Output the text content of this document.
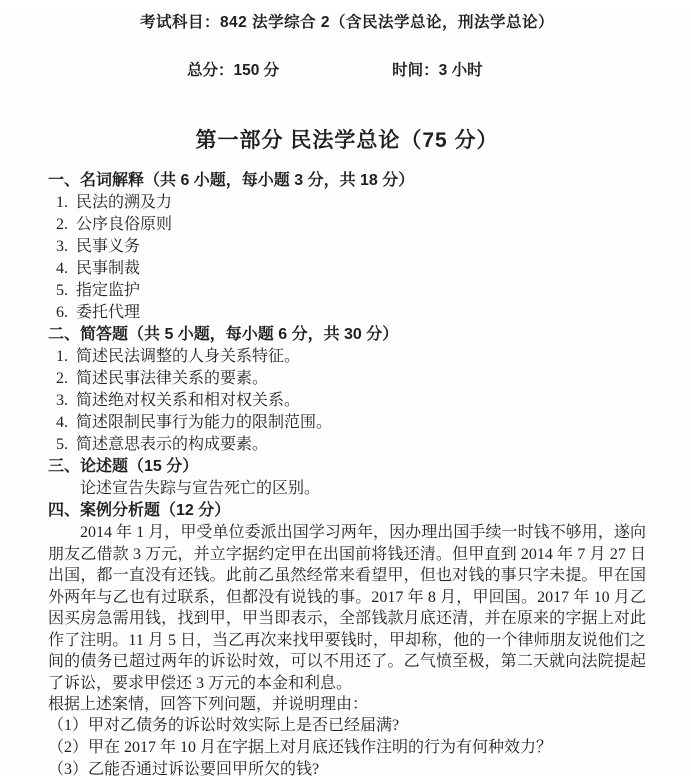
考试科目：842 法学综合 2（含民法学总论，刑法学总论）
总分：150 分	时间：3 小时
第一部分 民法学总论（75 分）
一、名词解释（共 6 小题，每小题 3 分，共 18 分）
1.  民法的溯及力
2.  公序良俗原则
3.  民事义务
4.  民事制裁
5.  指定监护
6.  委托代理
二、简答题（共 5 小题，每小题 6 分，共 30 分）
1.  简述民法调整的人身关系特征。
2.  简述民事法律关系的要素。
3.  简述绝对权关系和相对权关系。
4.  简述限制民事行为能力的限制范围。
5.  简述意思表示的构成要素。
三、论述题（15 分）
论述宣告失踪与宣告死亡的区别。
四、案例分析题（12 分）
2014 年 1 月，甲受单位委派出国学习两年，因办理出国手续一时钱不够用，遂向朋友乙借款 3 万元，并立字据约定甲在出国前将钱还清。但甲直到 2014 年 7 月 27 日出国，都一直没有还钱。此前乙虽然经常来看望甲，但也对钱的事只字未提。甲在国外两年与乙也有过联系，但都没有说钱的事。2017 年 8 月，甲回国。2017 年 10 月乙因买房急需用钱，找到甲，甲当即表示，全部钱款月底还清，并在原来的字据上对此作了注明。11 月 5 日，当乙再次来找甲要钱时，甲却称，他的一个律师朋友说他们之间的债务已超过两年的诉讼时效，可以不用还了。乙气愤至极，第二天就向法院提起了诉讼，要求甲偿还 3 万元的本金和利息。
根据上述案情，回答下列问题，并说明理由：
（1）甲对乙债务的诉讼时效实际上是否已经届满?
（2）甲在 2017 年 10 月在字据上对月底还钱作注明的行为有何种效力？
（3）乙能否通过诉讼要回甲所欠的钱?
